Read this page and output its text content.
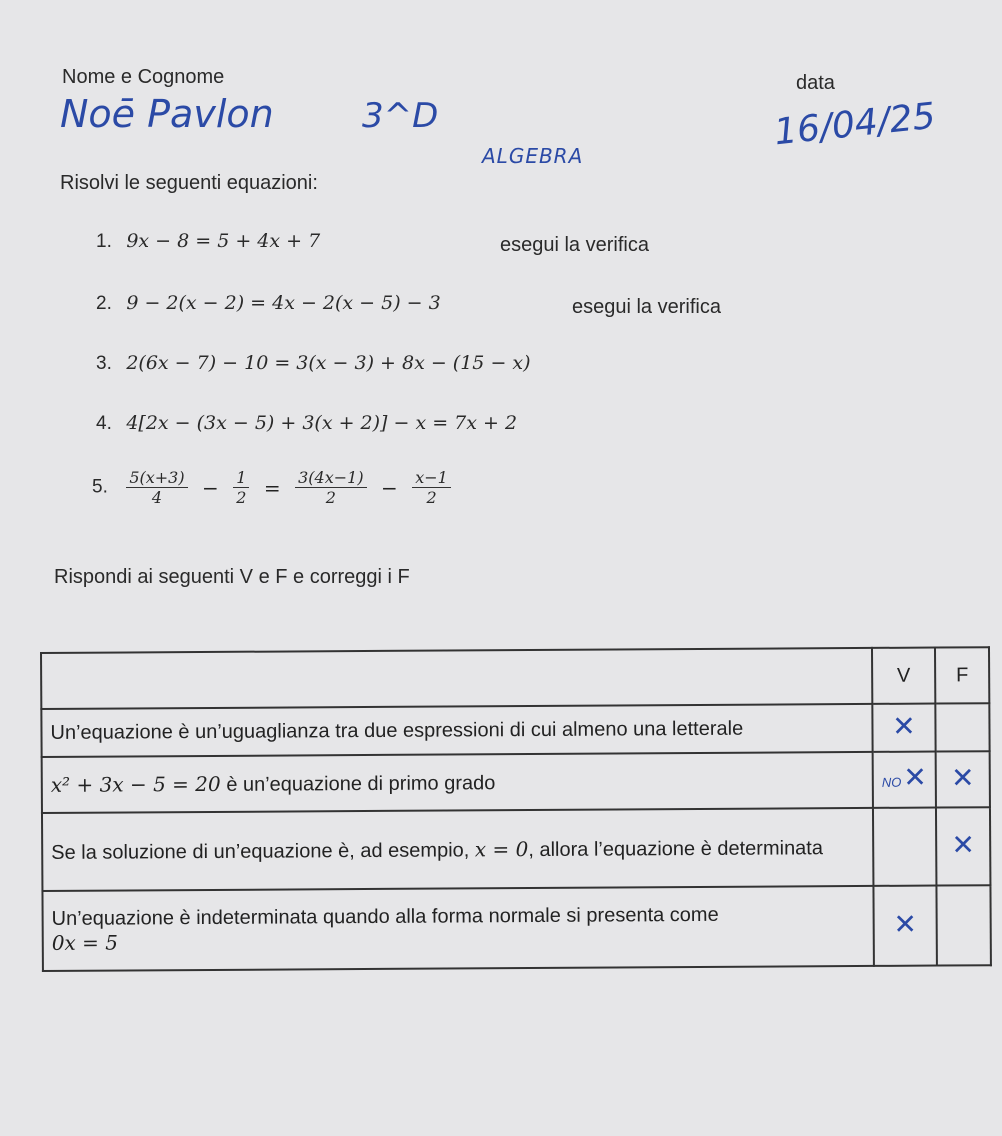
Nome e Cognome	data
Noē Pavlon	3^D	16/04/25
ALGEBRA
Risolvi le seguenti equazioni:
1. 9x − 8 = 5 + 4x + 7	esegui la verifica
2. 9 − 2(x − 2) = 4x − 2(x − 5) − 3	esegui la verifica
3. 2(6x − 7) − 10 = 3(x − 3) + 8x − (15 − x)
4. 4[2x − (3x − 5) + 3(x + 2)] − x = 7x + 2
5. $\frac{5(x+3)}{4} - \frac{1}{2} = \frac{3(4x-1)}{2} - \frac{x-1}{2}$
Rispondi ai seguenti V e F e correggi i F
	V	F
Un’equazione è un’uguaglianza tra due espressioni di cui almeno una letterale	✕	
x² + 3x − 5 = 20 è un’equazione di primo grado	NO✕	✕
Se la soluzione di un’equazione è, ad esempio, x = 0, allora l’equazione è determinata		✕
Un’equazione è indeterminata quando alla forma normale si presenta come
0x = 5	✕	
